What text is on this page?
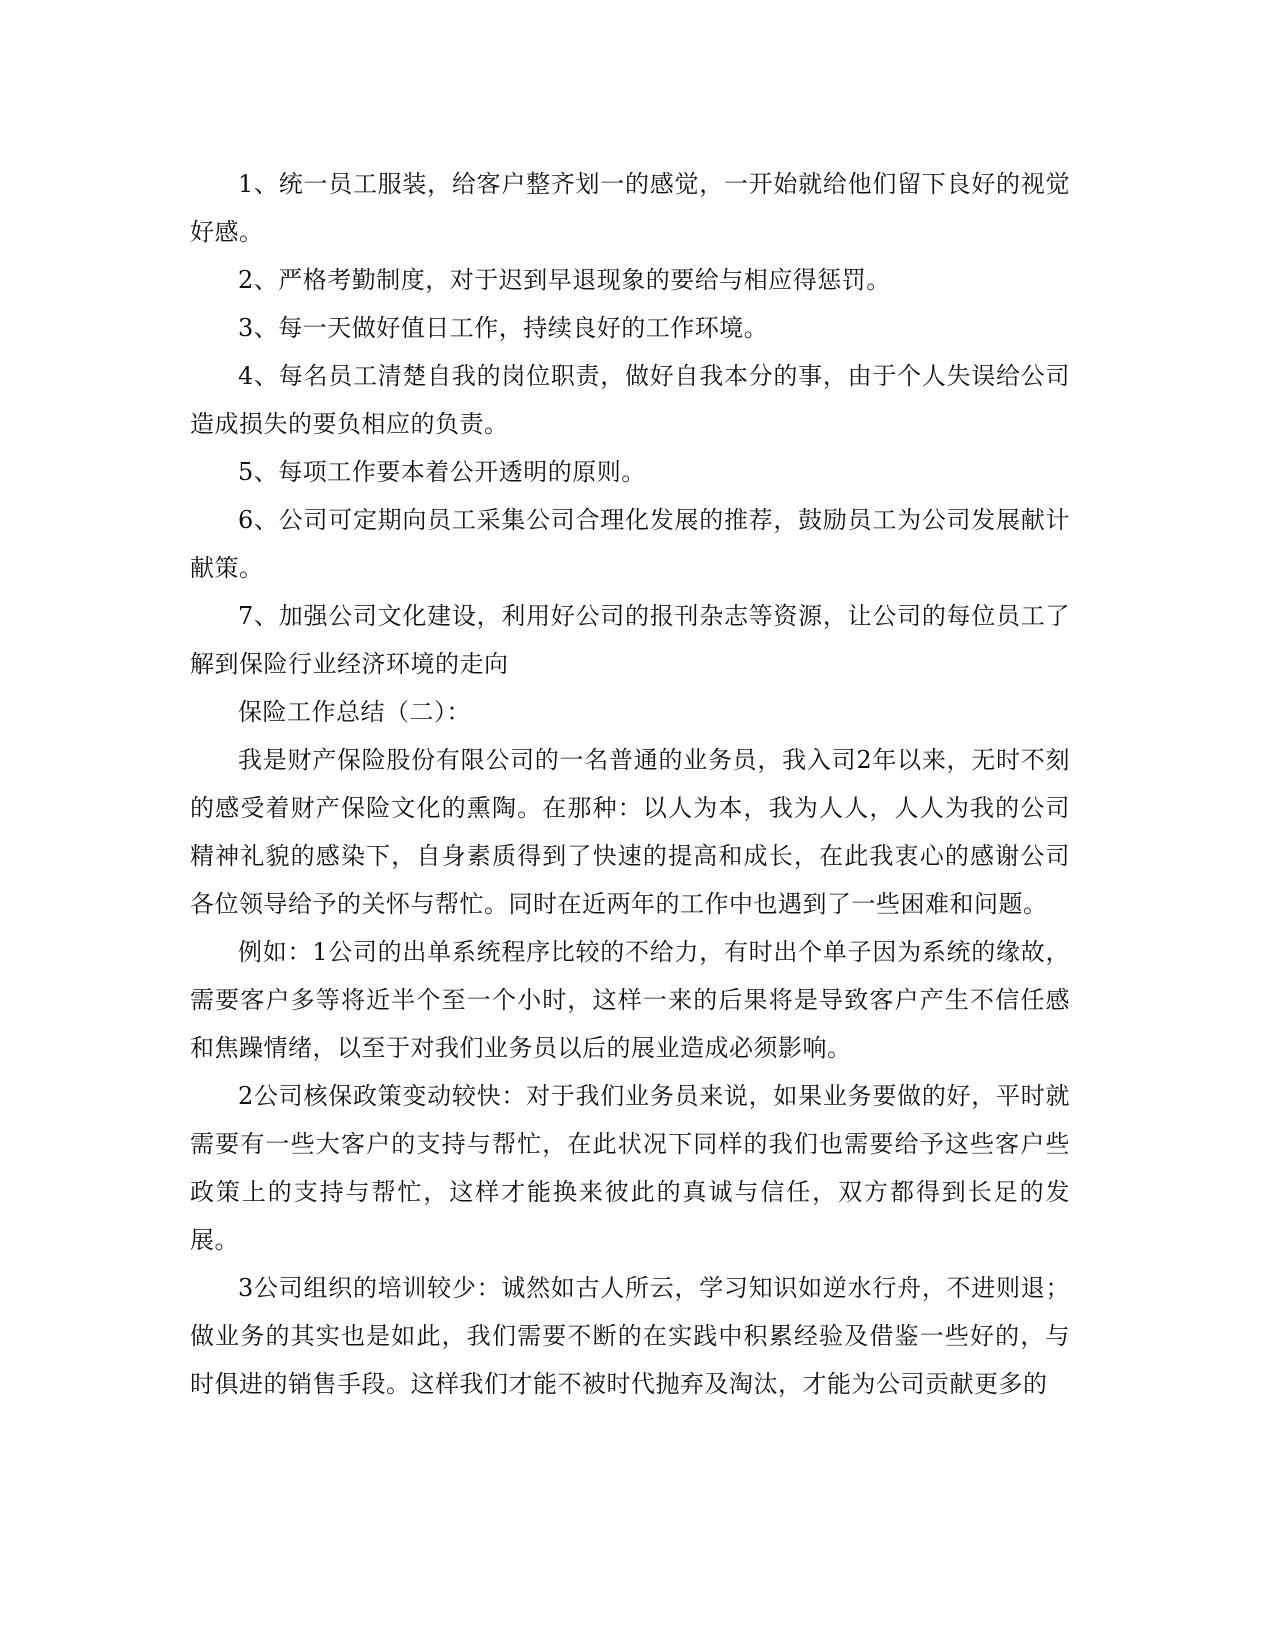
1、统一员工服装，给客户整齐划一的感觉，一开始就给他们留下良好的视觉好感。

2、严格考勤制度，对于迟到早退现象的要给与相应得惩罚。

3、每一天做好值日工作，持续良好的工作环境。

4、每名员工清楚自我的岗位职责，做好自我本分的事，由于个人失误给公司造成损失的要负相应的负责。

5、每项工作要本着公开透明的原则。

6、公司可定期向员工采集公司合理化发展的推荐，鼓励员工为公司发展献计献策。

7、加强公司文化建设，利用好公司的报刊杂志等资源，让公司的每位员工了解到保险行业经济环境的走向

保险工作总结（二）：

我是财产保险股份有限公司的一名普通的业务员，我入司2年以来，无时不刻的感受着财产保险文化的熏陶。在那种：以人为本，我为人人，人人为我的公司精神礼貌的感染下，自身素质得到了快速的提高和成长，在此我衷心的感谢公司各位领导给予的关怀与帮忙。同时在近两年的工作中也遇到了一些困难和问题。

例如：1公司的出单系统程序比较的不给力，有时出个单子因为系统的缘故，需要客户多等将近半个至一个小时，这样一来的后果将是导致客户产生不信任感和焦躁情绪，以至于对我们业务员以后的展业造成必须影响。

2公司核保政策变动较快：对于我们业务员来说，如果业务要做的好，平时就需要有一些大客户的支持与帮忙，在此状况下同样的我们也需要给予这些客户些政策上的支持与帮忙，这样才能换来彼此的真诚与信任，双方都得到长足的发展。

3公司组织的培训较少：诚然如古人所云，学习知识如逆水行舟，不进则退；做业务的其实也是如此，我们需要不断的在实践中积累经验及借鉴一些好的，与时俱进的销售手段。这样我们才能不被时代抛弃及淘汰，才能为公司贡献更多的
